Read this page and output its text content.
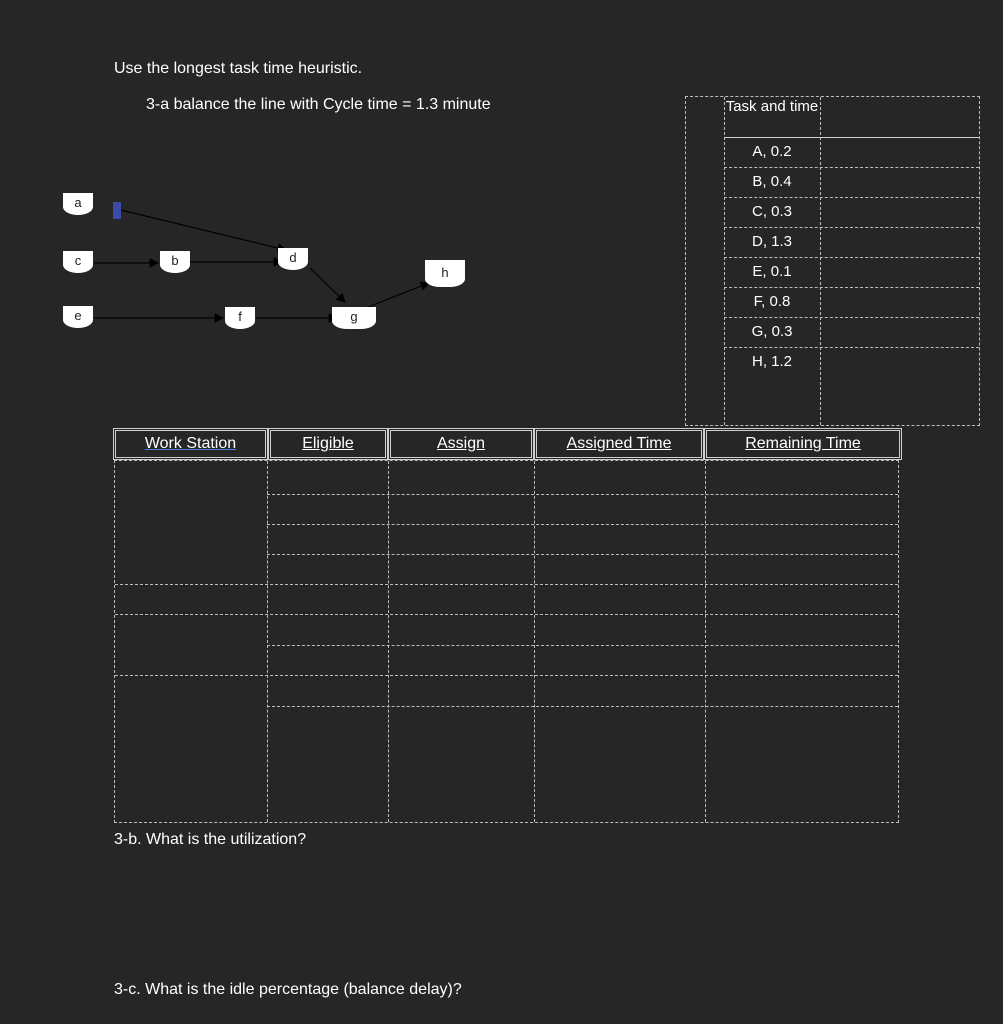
Use the longest task time heuristic.
3-a balance the line with Cycle time = 1.3 minute
a
c
e
b	d
f	g
h
Task and time
A, 0.2
B, 0.4
C, 0.3
D, 1.3
E, 0.1
F, 0.8
G, 0.3
H, 1.2
Work Station	Eligible	Assign	Assigned Time	Remaining Time
3-b. What is the utilization?
3-c. What is the idle percentage (balance delay)?
